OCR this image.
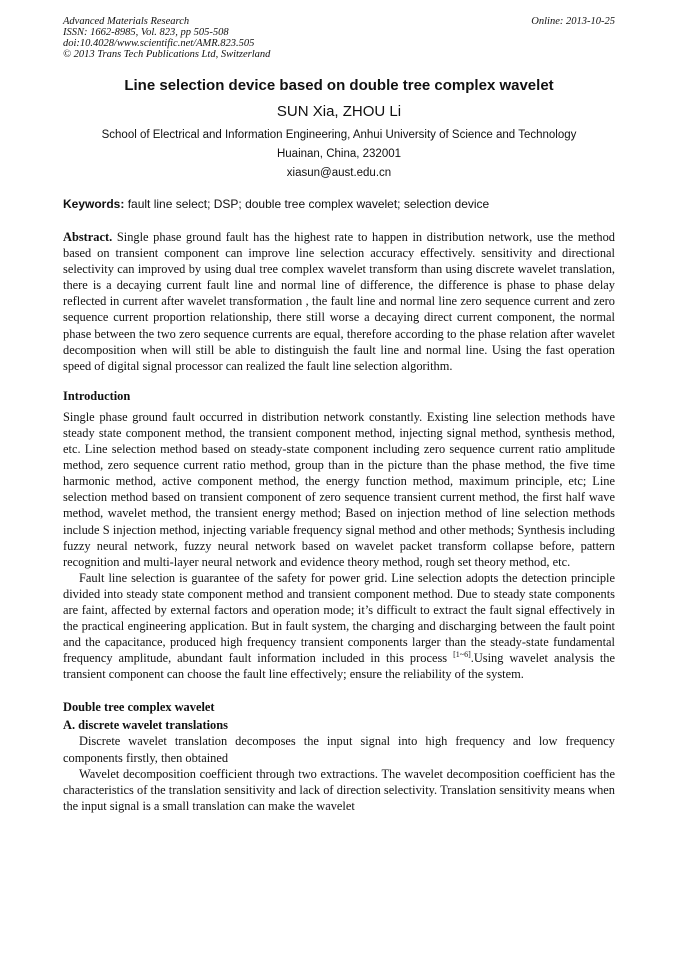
Advanced Materials Research
ISSN: 1662-8985, Vol. 823, pp 505-508
doi:10.4028/www.scientific.net/AMR.823.505
© 2013 Trans Tech Publications Ltd, Switzerland
Online: 2013-10-25
Line selection device based on double tree complex wavelet
SUN Xia, ZHOU Li
School of Electrical and Information Engineering, Anhui University of Science and Technology
Huainan, China, 232001
xiasun@aust.edu.cn
Keywords: fault line select; DSP; double tree complex wavelet; selection device

Abstract. Single phase ground fault has the highest rate to happen in distribution network, use the method based on transient component can improve line selection accuracy effectively. sensitivity and directional selectivity can improved by using dual tree complex wavelet transform than using discrete wavelet translation, there is a decaying current fault line and normal line of difference, the difference is phase to phase delay reflected in current after wavelet transformation , the fault line and normal line zero sequence current and zero sequence current proportion relationship, there still worse a decaying direct current component, the normal phase between the two zero sequence currents are equal, therefore according to the phase relation after wavelet decomposition when will still be able to distinguish the fault line and normal line. Using the fast operation speed of digital signal processor can realized the fault line selection algorithm.

Introduction

Single phase ground fault occurred in distribution network constantly. Existing line selection methods have steady state component method, the transient component method, injecting signal method, synthesis method, etc. Line selection method based on steady-state component including zero sequence current ratio amplitude method, zero sequence current ratio method, group than in the picture than the phase method, the five time harmonic method, active component method, the energy function method, maximum principle, etc; Line selection method based on transient component of zero sequence transient current method, the first half wave method, wavelet method, the transient energy method; Based on injection method of line selection methods include S injection method, injecting variable frequency signal method and other methods; Synthesis including fuzzy neural network, fuzzy neural network based on wavelet packet transform collapse before, pattern recognition and multi-layer neural network and evidence theory method, rough set theory method, etc.

Fault line selection is guarantee of the safety for power grid. Line selection adopts the detection principle divided into steady state component method and transient component method. Due to steady state components are faint, affected by external factors and operation mode; it’s difficult to extract the fault signal effectively in the practical engineering application. But in fault system, the charging and discharging between the fault point and the capacitance, produced high frequency transient components larger than the steady-state fundamental frequency amplitude, abundant fault information included in this process [1~6].Using wavelet analysis the transient component can choose the fault line effectively; ensure the reliability of the system.

Double tree complex wavelet
A. discrete wavelet translations

Discrete wavelet translation decomposes the input signal into high frequency and low frequency components firstly, then obtained

Wavelet decomposition coefficient through two extractions. The wavelet decomposition coefficient has the characteristics of the translation sensitivity and lack of direction selectivity. Translation sensitivity means when the input signal is a small translation can make the wavelet
